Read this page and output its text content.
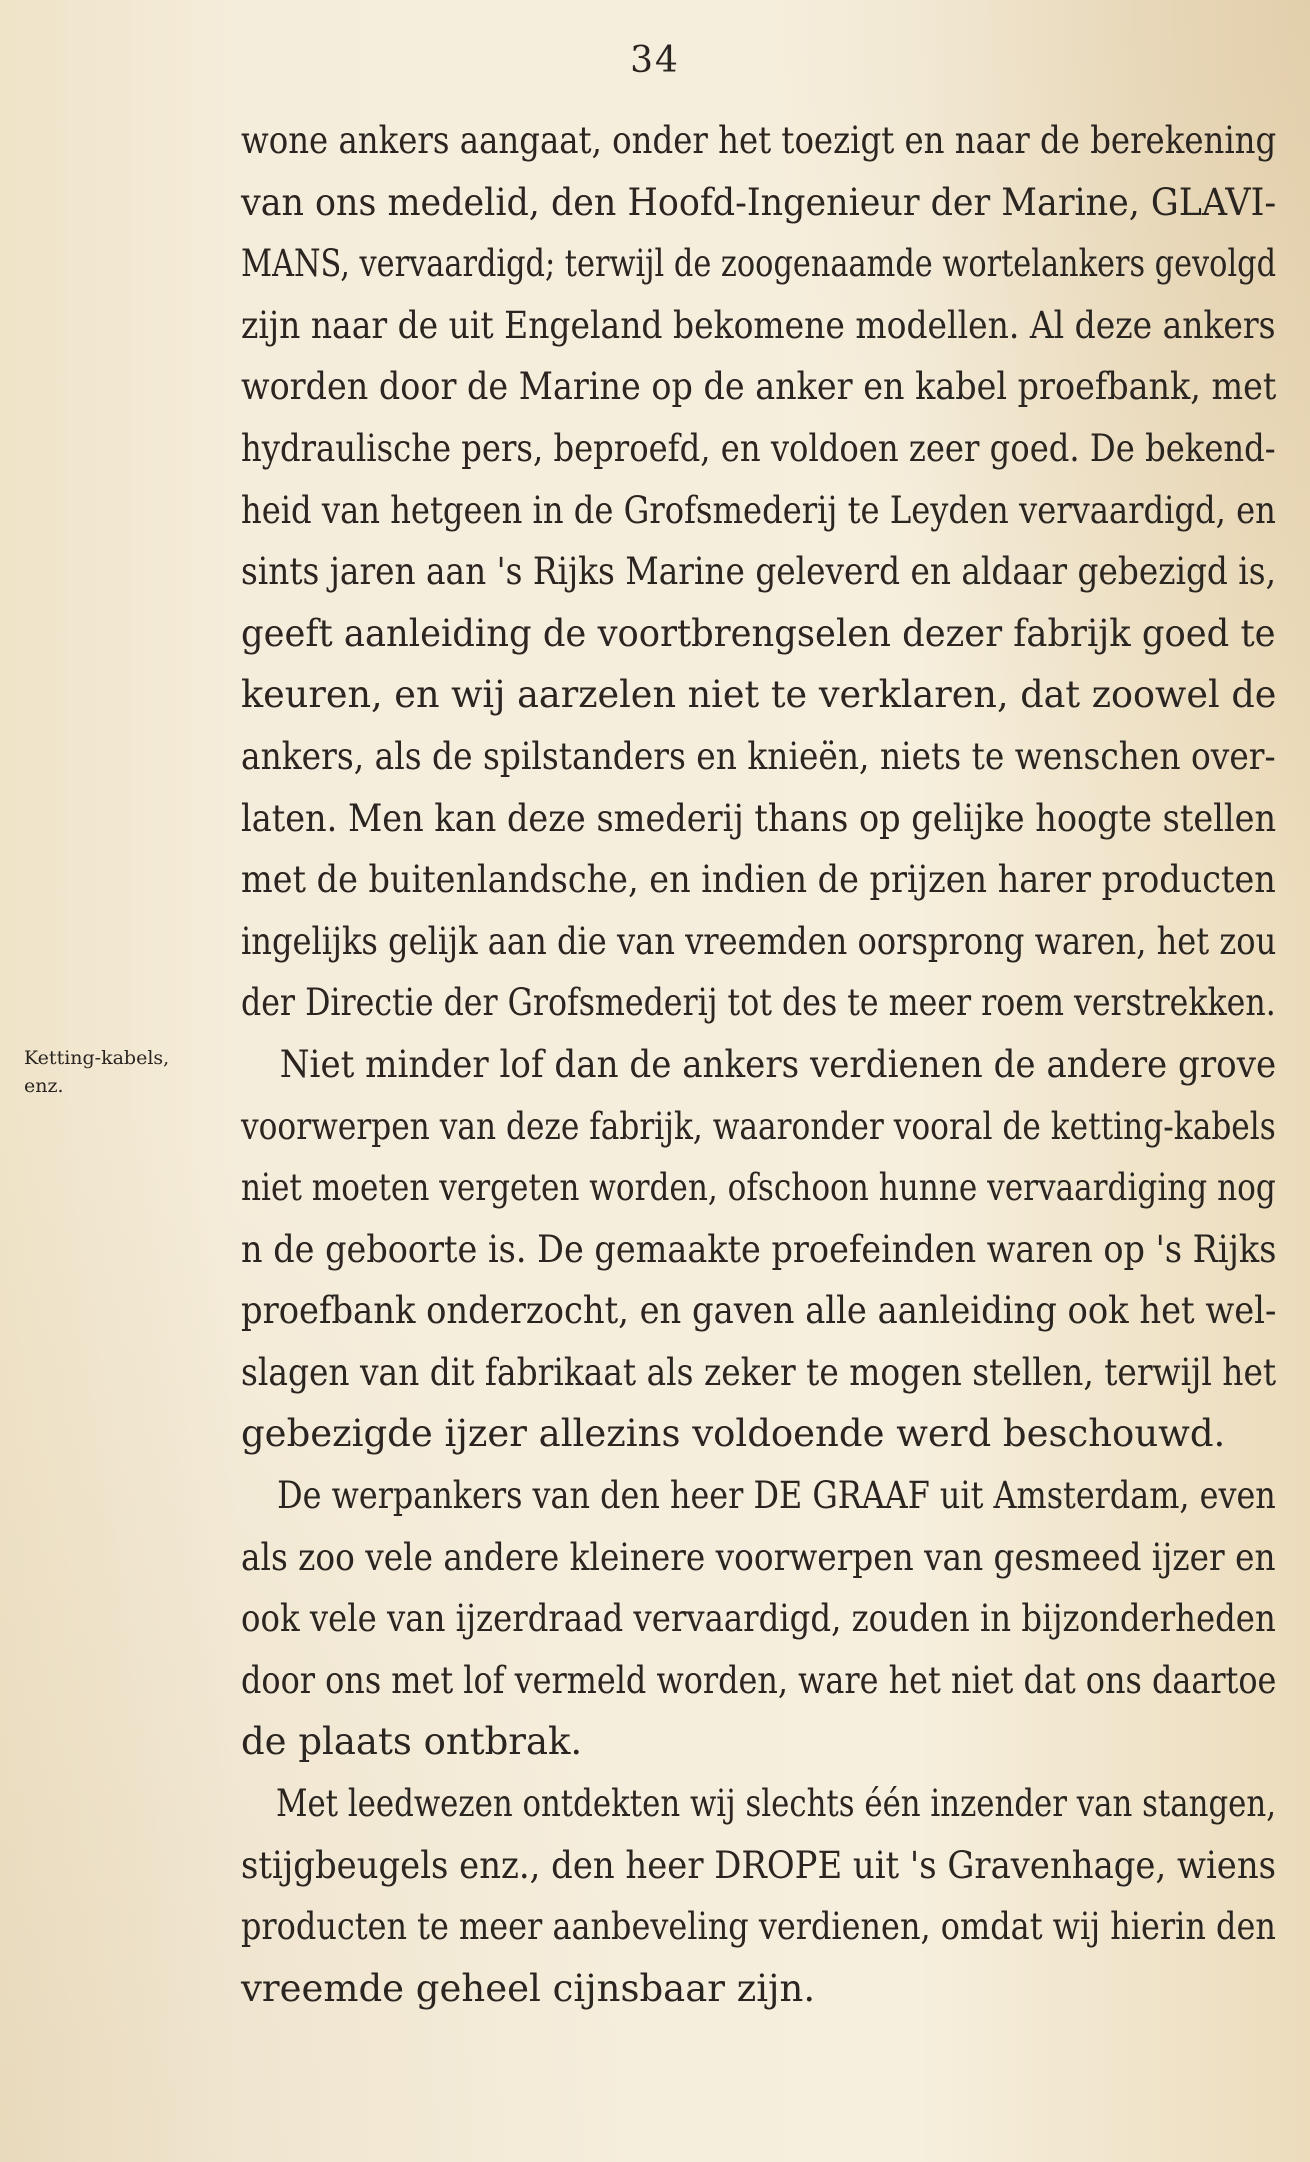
34
Ketting-kabels,
enz.
wone ankers aangaat, onder het toezigt en naar de berekening
van ons medelid, den Hoofd-Ingenieur der Marine, GLAVI-
MANS, vervaardigd; terwijl de zoogenaamde wortelankers gevolgd
zijn naar de uit Engeland bekomene modellen. Al deze ankers
worden door de Marine op de anker en kabel proefbank, met
hydraulische pers, beproefd, en voldoen zeer goed. De bekend-
heid van hetgeen in de Grofsmederij te Leyden vervaardigd, en
sints jaren aan 's Rijks Marine geleverd en aldaar gebezigd is,
geeft aanleiding de voortbrengselen dezer fabrijk goed te
keuren, en wij aarzelen niet te verklaren, dat zoowel de
ankers, als de spilstanders en knieën, niets te wenschen over-
laten. Men kan deze smederij thans op gelijke hoogte stellen
met de buitenlandsche, en indien de prijzen harer producten
ingelijks gelijk aan die van vreemden oorsprong waren, het zou
der Directie der Grofsmederij tot des te meer roem verstrekken.
Niet minder lof dan de ankers verdienen de andere grove
voorwerpen van deze fabrijk, waaronder vooral de ketting-kabels
niet moeten vergeten worden, ofschoon hunne vervaardiging nog
n de geboorte is. De gemaakte proefeinden waren op 's Rijks
proefbank onderzocht, en gaven alle aanleiding ook het wel-
slagen van dit fabrikaat als zeker te mogen stellen, terwijl het
gebezigde ijzer allezins voldoende werd beschouwd.
De werpankers van den heer DE GRAAF uit Amsterdam, even
als zoo vele andere kleinere voorwerpen van gesmeed ijzer en
ook vele van ijzerdraad vervaardigd, zouden in bijzonderheden
door ons met lof vermeld worden, ware het niet dat ons daartoe
de plaats ontbrak.
Met leedwezen ontdekten wij slechts één inzender van stangen,
stijgbeugels enz., den heer DROPE uit 's Gravenhage, wiens
producten te meer aanbeveling verdienen, omdat wij hierin den
vreemde geheel cijnsbaar zijn.
